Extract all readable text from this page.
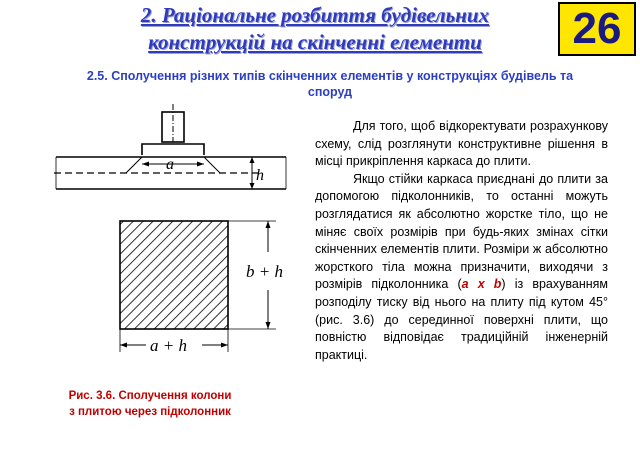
2. Раціональне розбиття будівельних
конструкцій на скінченні елементи	26

2.5. Сполучення різних типів скінченних елементів у конструкціях будівель та споруд

a
h
b + h
a + h
Рис. 3.6. Сполучення колони
з плитою через підколонник

Для того, щоб відкоректувати розрахункову схему, слід розглянути конструктивне рішення в місці прикріплення каркаса до плити.

Якщо стійки каркаса приєднані до плити за допомогою підколонників, то останні можуть розглядатися як абсолютно жорстке тіло, що не міняє своїх розмірів при будь-яких змінах сітки скінченних елементів плити. Розміри ж абсолютно жорсткого тіла можна призначити, виходячи з розмірів підколонника (a x b) із врахуванням розподілу тиску від нього на плиту під кутом 45° (рис. 3.6) до серединної поверхні плити, що повністю відповідає традиційній інженерній практиці.
